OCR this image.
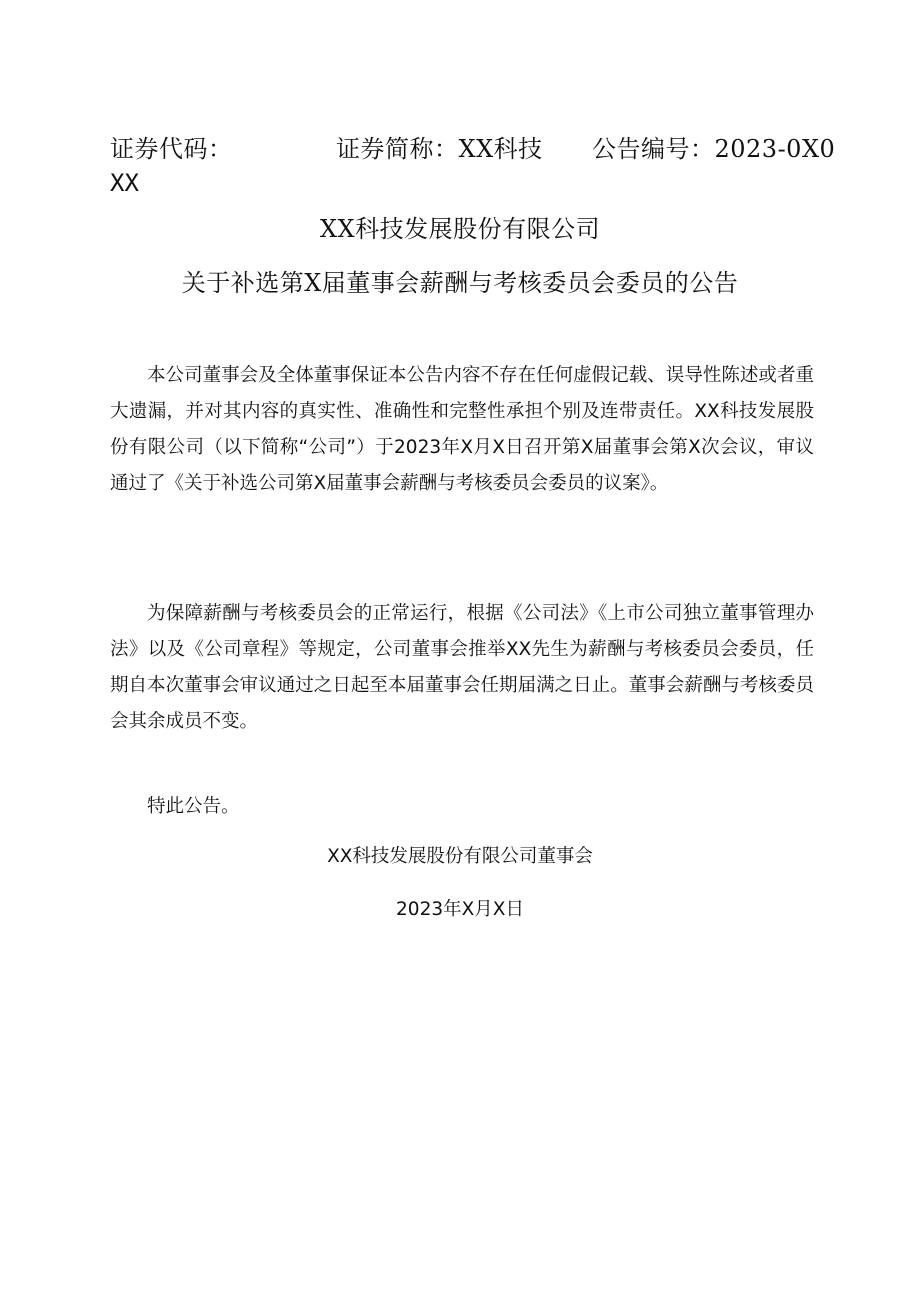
证券代码：	证券简称：XX科技 公告编号：2023-0X0
XX
XX科技发展股份有限公司
关于补选第X届董事会薪酬与考核委员会委员的公告

本公司董事会及全体董事保证本公告内容不存在任何虚假记载、误导性陈述或者重大遗漏，并对其内容的真实性、准确性和完整性承担个别及连带责任。XX科技发展股份有限公司（以下简称“公司”）于2023年X月X日召开第X届董事会第X次会议，审议通过了《关于补选公司第X届董事会薪酬与考核委员会委员的议案》。

为保障薪酬与考核委员会的正常运行，根据《公司法》《上市公司独立董事管理办法》以及《公司章程》等规定，公司董事会推举XX先生为薪酬与考核委员会委员，任期自本次董事会审议通过之日起至本届董事会任期届满之日止。董事会薪酬与考核委员会其余成员不变。

特此公告。

XX科技发展股份有限公司董事会
2023年X月X日
